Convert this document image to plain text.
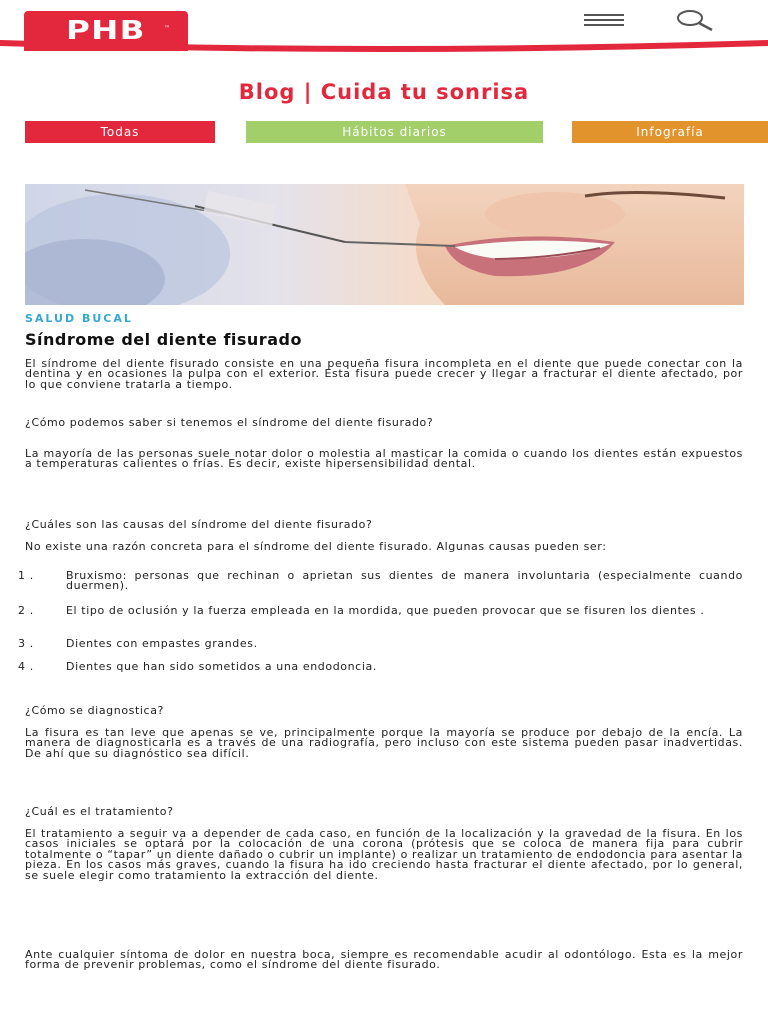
PHB	™
Blog | Cuida tu sonrisa
Todas	Hábitos diarios	Infografía
SALUD BUCAL
Síndrome del diente fisurado

El síndrome del diente fisurado consiste en una pequeña fisura incompleta en el diente que puede conectar con la dentina y en ocasiones la pulpa con el exterior. Esta fisura puede crecer y llegar a fracturar el diente afectado, por lo que conviene tratarla a tiempo.

¿Cómo podemos saber si tenemos el síndrome del diente fisurado?

La mayoría de las personas suele notar dolor o molestia al masticar la comida o cuando los dientes están expuestos a temperaturas calientes o frías. Es decir, existe hipersensibilidad dental.

¿Cuáles son las causas del síndrome del diente fisurado?

No existe una razón concreta para el síndrome del diente fisurado. Algunas causas pueden ser:

1 .	Bruxismo: personas que rechinan o aprietan sus dientes de manera involuntaria (especialmente cuando duermen).
2 .	El tipo de oclusión y la fuerza empleada en la mordida, que pueden provocar que se fisuren los dientes .
3 .	Dientes con empastes grandes.
4 .	Dientes que han sido sometidos a una endodoncia.

¿Cómo se diagnostica?

La fisura es tan leve que apenas se ve, principalmente porque la mayoría se produce por debajo de la encía. La manera de diagnosticarla es a través de una radiografía, pero incluso con este sistema pueden pasar inadvertidas. De ahí que su diagnóstico sea difícil.

¿Cuál es el tratamiento?

El tratamiento a seguir va a depender de cada caso, en función de la localización y la gravedad de la fisura. En los casos iniciales se optará por la colocación de una corona (prótesis que se coloca de manera fija para cubrir totalmente o “tapar” un diente dañado o cubrir un implante) o realizar un tratamiento de endodoncia para asentar la pieza. En los casos más graves, cuando la fisura ha ido creciendo hasta fracturar el diente afectado, por lo general, se suele elegir como tratamiento la extracción del diente.

Ante cualquier síntoma de dolor en nuestra boca, siempre es recomendable acudir al odontólogo. Esta es la mejor forma de prevenir problemas, como el síndrome del diente fisurado.
